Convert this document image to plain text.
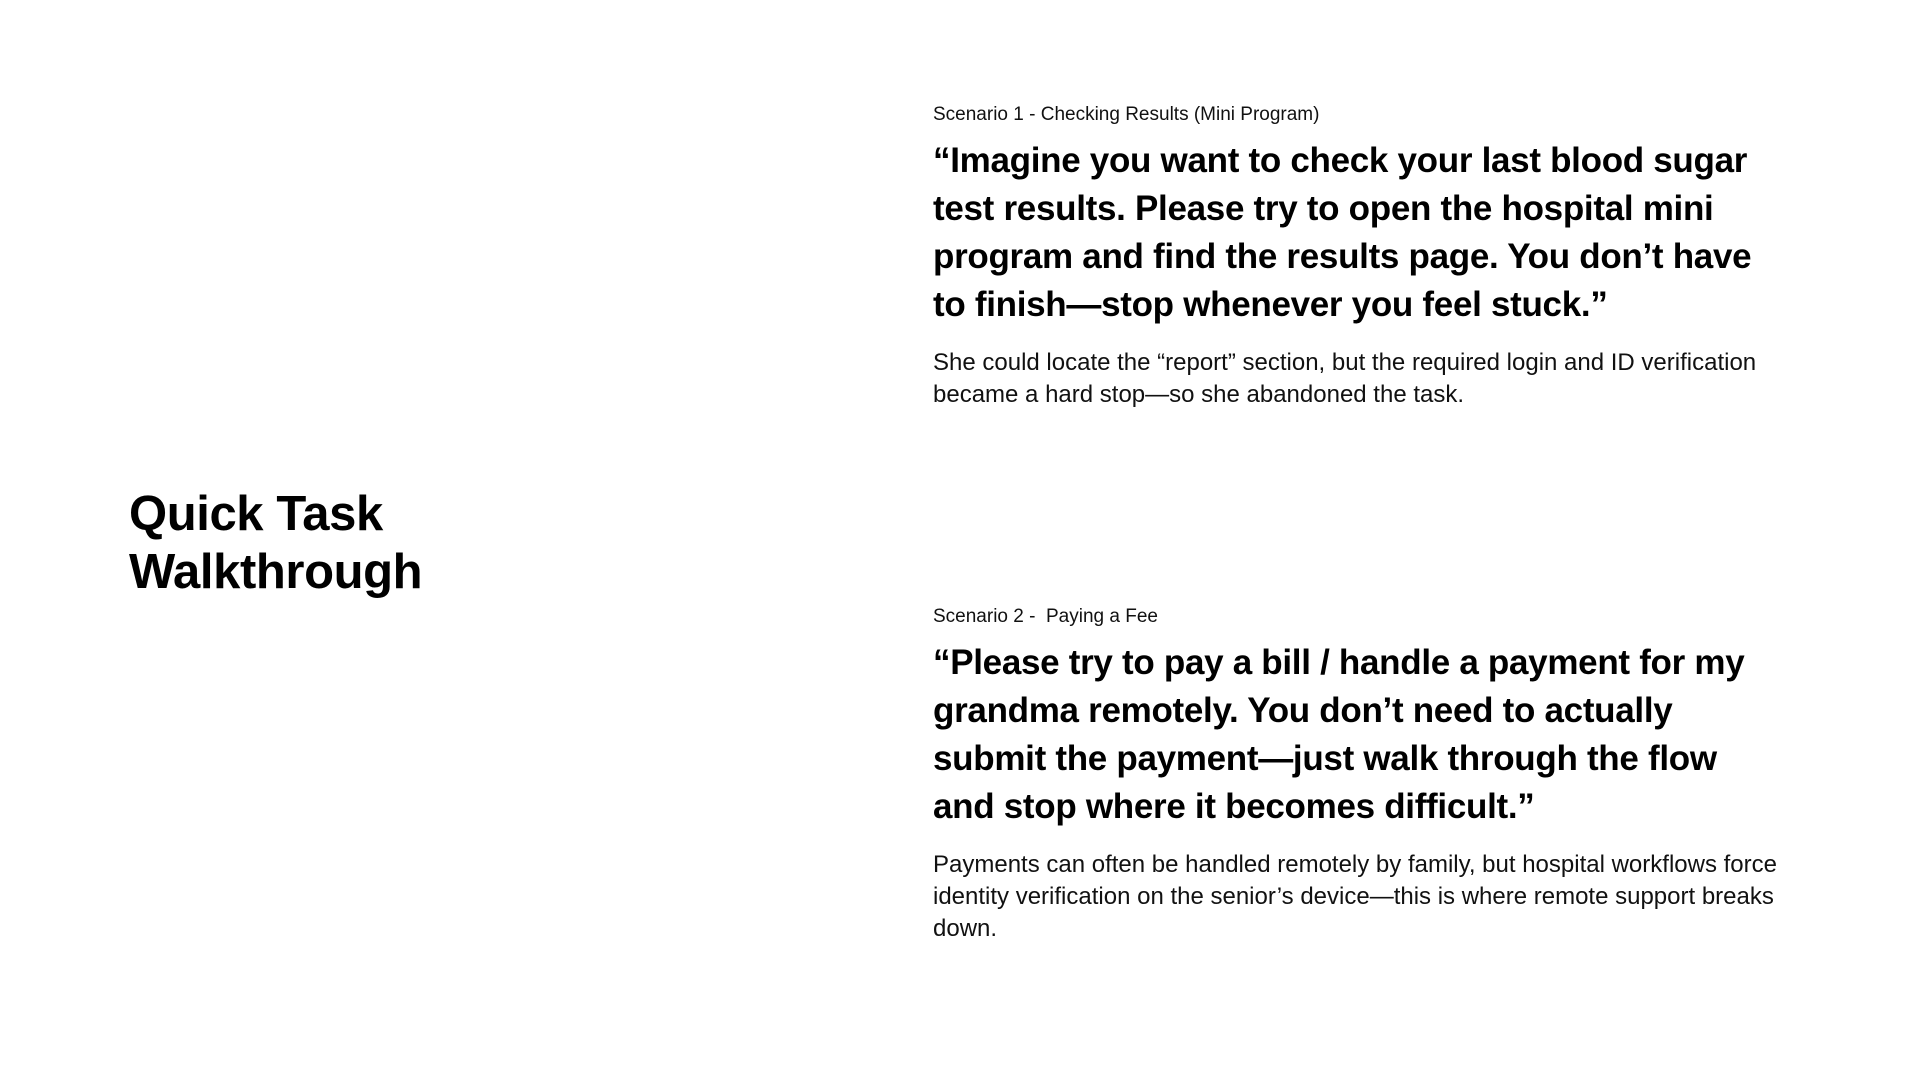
Quick Task
Walkthrough

Scenario 1 - Checking Results (Mini Program)

“Imagine you want to check your last blood sugar test results. Please try to open the hospital mini program and find the results page. You don’t have to finish—stop whenever you feel stuck.”

She could locate the “report” section, but the required login and ID verification became a hard stop—so she abandoned the task.

Scenario 2 -  Paying a Fee

“Please try to pay a bill / handle a payment for my grandma remotely. You don’t need to actually submit the payment—just walk through the flow and stop where it becomes difficult.”

Payments can often be handled remotely by family, but hospital workflows force identity verification on the senior’s device—this is where remote support breaks down.
